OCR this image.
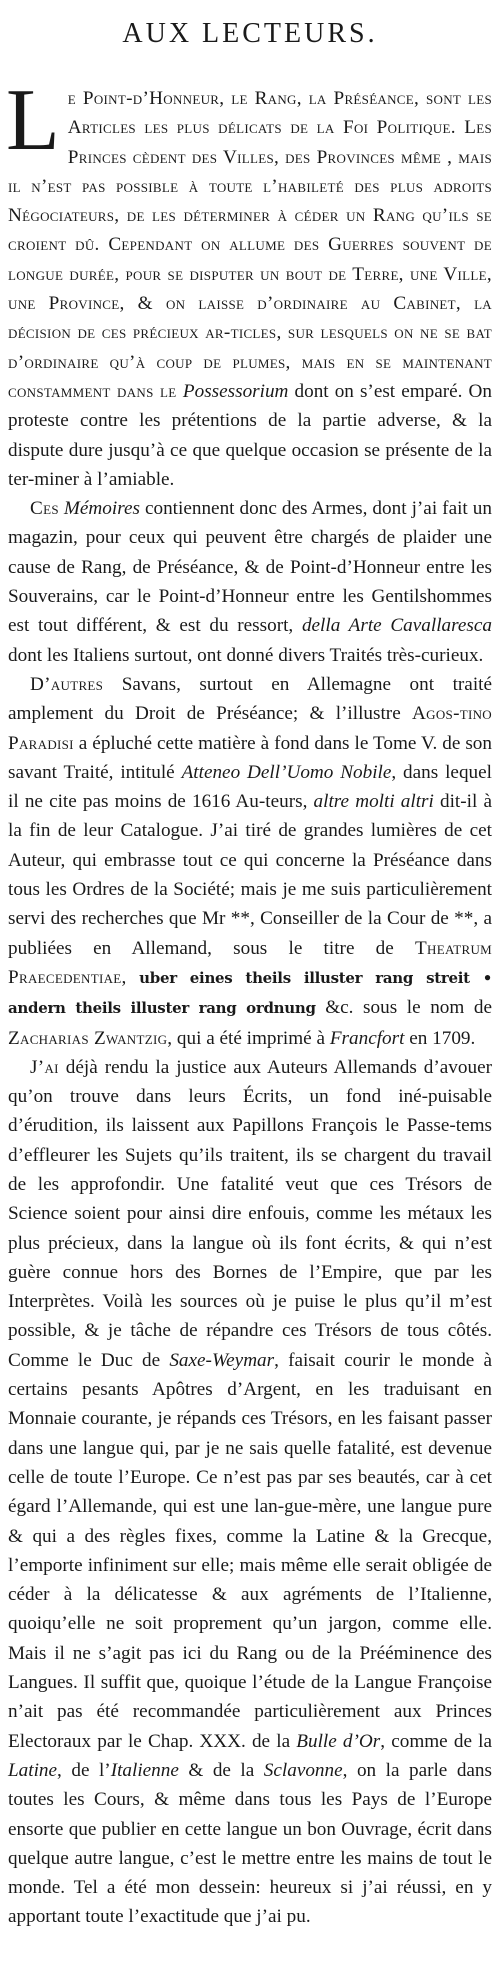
AUX LECTEURS.

Le Point-d’Honneur, le Rang, la Préséance, sont les Articles les plus délicats de la Foi Politique. Les Princes cèdent des Villes, des Provinces même , mais il n’est pas possible à toute l’habileté des plus adroits Négociateurs, de les déterminer à céder un Rang qu’ils se croient dû. Cependant on allume des Guerres souvent de longue durée, pour se disputer un bout de Terre, une Ville, une Province, & on laisse d’ordinaire au Cabinet, la décision de ces précieux ar-ticles, sur lesquels on ne se bat d’ordinaire qu’à coup de plumes, mais en se maintenant constamment dans le Possessorium dont on s’est emparé. On proteste contre les prétentions de la partie adverse, & la dispute dure jusqu’à ce que quelque occasion se présente de la ter-miner à l’amiable.

Ces Mémoires contiennent donc des Armes, dont j’ai fait un magazin, pour ceux qui peuvent être chargés de plaider une cause de Rang, de Préséance, & de Point-d’Honneur entre les Souverains, car le Point-d’Honneur entre les Gentilshommes est tout différent, & est du ressort, della Arte Cavallaresca dont les Italiens surtout, ont donné divers Traités très-curieux.

D’autres Savans, surtout en Allemagne ont traité amplement du Droit de Préséance; & l’illustre Agos-tino Paradisi a épluché cette matière à fond dans le Tome V. de son savant Traité, intitulé Atteneo Dell’Uomo Nobile, dans lequel il ne cite pas moins de 1616 Au-teurs, altre molti altri dit-il à la fin de leur Catalogue. J’ai tiré de grandes lumières de cet Auteur, qui embrasse tout ce qui concerne la Préséance dans tous les Ordres de la Société; mais je me suis particulièrement servi des recherches que Mr **, Conseiller de la Cour de **, a publiées en Allemand, sous le titre de Theatrum Praecedentiae, uber eines theils illuster rang streit • andern theils illuster rang ordnung &c. sous le nom de Zacharias Zwantzig, qui a été imprimé à Francfort en 1709.

J’ai déjà rendu la justice aux Auteurs Allemands d’avouer qu’on trouve dans leurs Écrits, un fond iné-puisable d’érudition, ils laissent aux Papillons François le Passe-tems d’effleurer les Sujets qu’ils traitent, ils se chargent du travail de les approfondir. Une fatalité veut que ces Trésors de Science soient pour ainsi dire enfouis, comme les métaux les plus précieux, dans la langue où ils font écrits, & qui n’est guère connue hors des Bornes de l’Empire, que par les Interprètes. Voilà les sources où je puise le plus qu’il m’est possible, & je tâche de répandre ces Trésors de tous côtés. Comme le Duc de Saxe-Weymar, faisait courir le monde à certains pesants Apôtres d’Argent, en les traduisant en Monnaie courante, je répands ces Trésors, en les faisant passer dans une langue qui, par je ne sais quelle fatalité, est devenue celle de toute l’Europe. Ce n’est pas par ses beautés, car à cet égard l’Allemande, qui est une lan-gue-mère, une langue pure & qui a des règles fixes, comme la Latine & la Grecque, l’emporte infiniment sur elle; mais même elle serait obligée de céder à la délicatesse & aux agréments de l’Italienne, quoiqu’elle ne soit proprement qu’un jargon, comme elle. Mais il ne s’agit pas ici du Rang ou de la Prééminence des Langues. Il suffit que, quoique l’étude de la Langue Françoise n’ait pas été recommandée particulièrement aux Princes Electoraux par le Chap. XXX. de la Bulle d’Or, comme de la Latine, de l’Italienne & de la Sclavonne, on la parle dans toutes les Cours, & même dans tous les Pays de l’Europe ensorte que publier en cette langue un bon Ouvrage, écrit dans quelque autre langue, c’est le mettre entre les mains de tout le monde. Tel a été mon dessein: heureux si j’ai réussi, en y apportant toute l’exactitude que j’ai pu.
